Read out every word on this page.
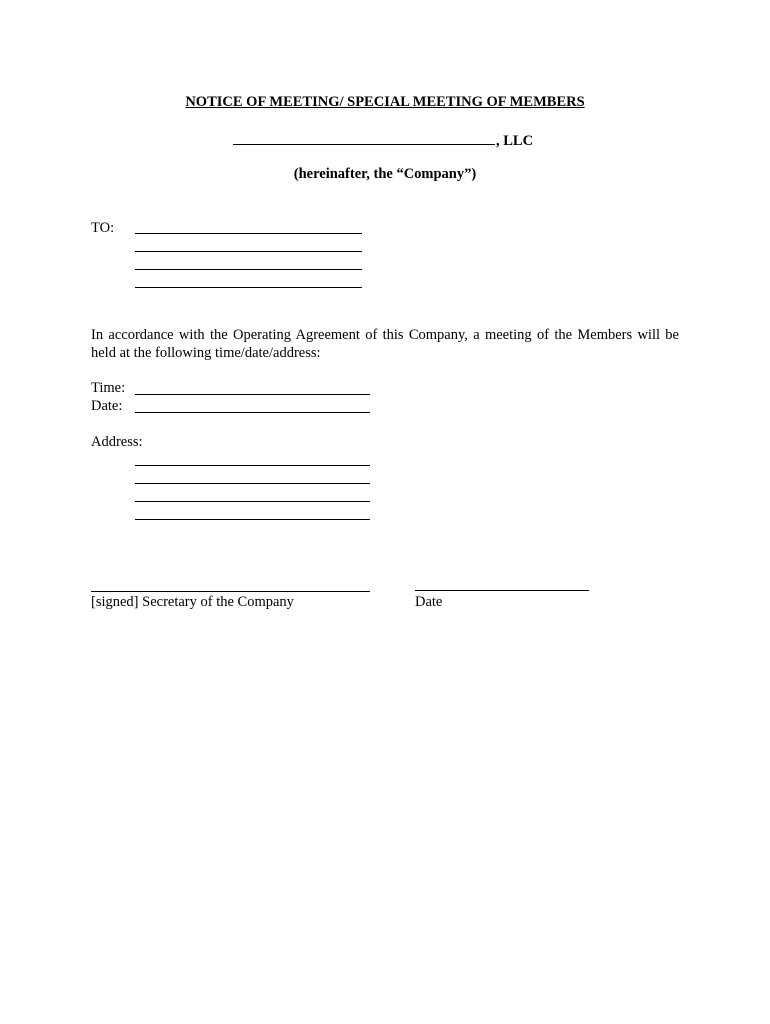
NOTICE OF MEETING/ SPECIAL MEETING OF MEMBERS
, LLC
(hereinafter, the “Company”)
TO:
In accordance with the Operating Agreement of this Company, a meeting of the Members will be held at the following time/date/address:
Time:
Date:
Address:
[signed] Secretary of the Company	Date
